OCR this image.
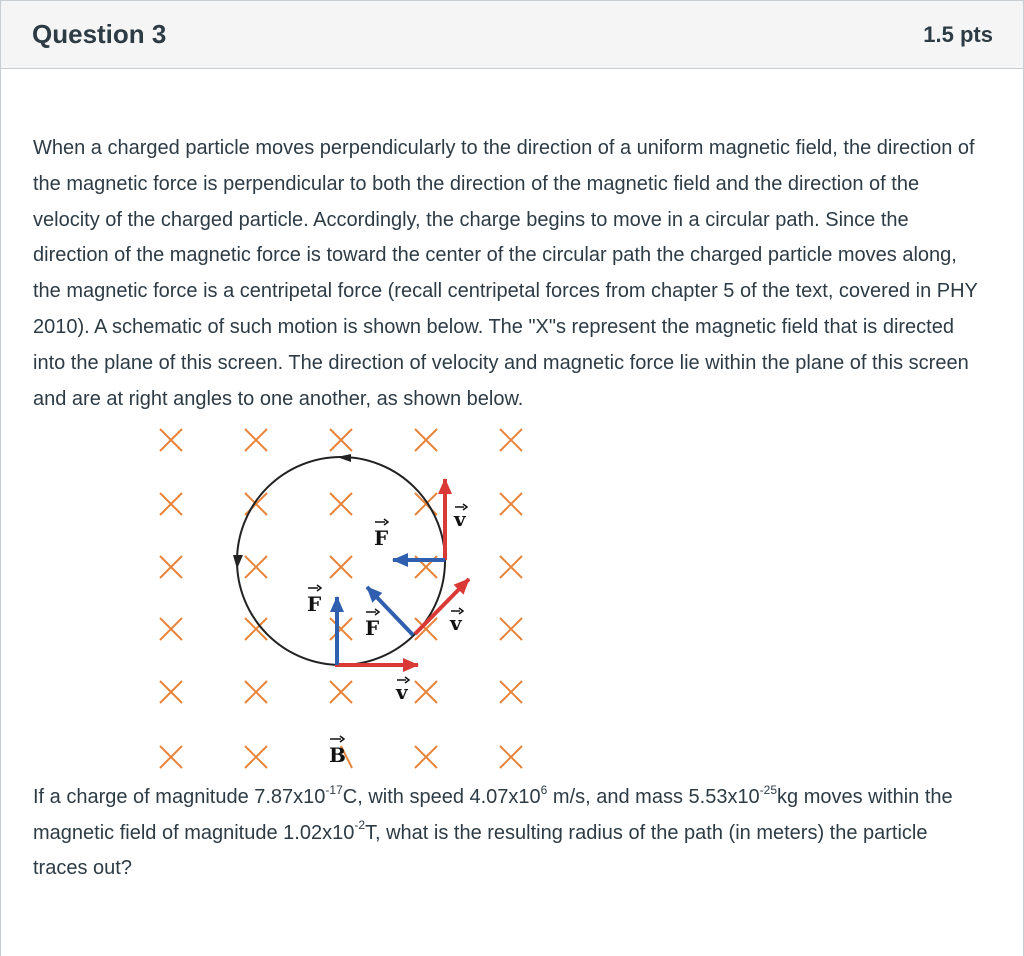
Question 3	1.5 pts

When a charged particle moves perpendicularly to the direction of a uniform magnetic field, the direction of the magnetic force is perpendicular to both the direction of the magnetic field and the direction of the velocity of the charged particle. Accordingly, the charge begins to move in a circular path. Since the direction of the magnetic force is toward the center of the circular path the charged particle moves along, the magnetic force is a centripetal force (recall centripetal forces from chapter 5 of the text, covered in PHY 2010). A schematic of such motion is shown below. The "X"s represent the magnetic field that is directed into the plane of this screen. The direction of velocity and magnetic force lie within the plane of this screen and are at right angles to one another, as shown below.

F
F
F
v
v
v
B

If a charge of magnitude $7.87x10^{-17}C$, with speed $4.07x10^6$ m/s, and mass $5.53x10^{-25}kg$ moves within the magnetic field of magnitude $1.02x10^{-2}T$, what is the resulting radius of the path (in meters) the particle traces out?
